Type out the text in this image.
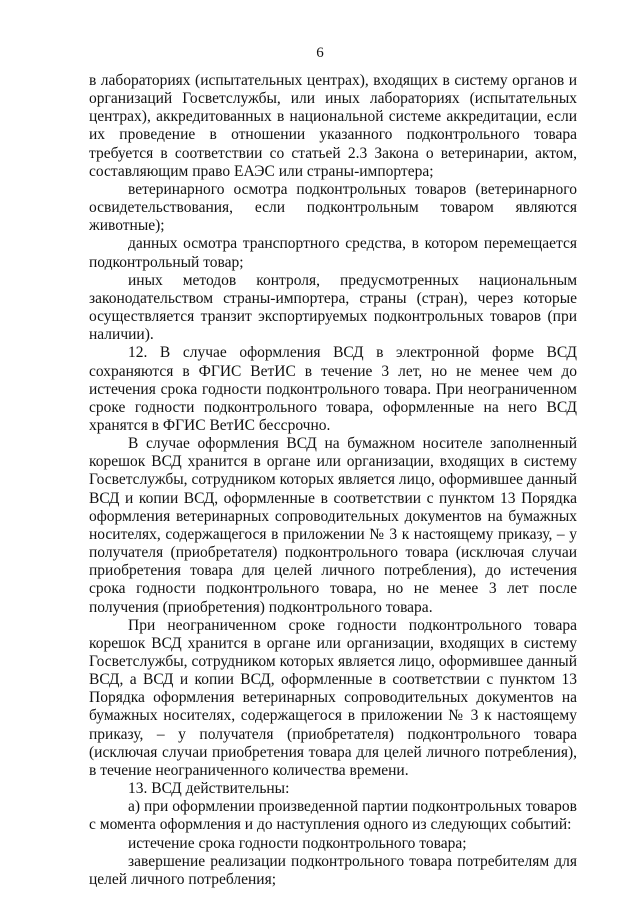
6

в лабораториях (испытательных центрах), входящих в систему органов и организаций Госветслужбы, или иных лабораториях (испытательных центрах), аккредитованных в национальной системе аккредитации, если их проведение в отношении указанного подконтрольного товара требуется в соответствии со статьей 2.3 Закона о ветеринарии, актом, составляющим право ЕАЭС или страны-импортера;

ветеринарного осмотра подконтрольных товаров (ветеринарного освидетельствования, если подконтрольным товаром являются животные);

данных осмотра транспортного средства, в котором перемещается подконтрольный товар;

иных методов контроля, предусмотренных национальным законодательством страны-импортера, страны (стран), через которые осуществляется транзит экспортируемых подконтрольных товаров (при наличии).

12. В случае оформления ВСД в электронной форме ВСД сохраняются в ФГИС ВетИС в течение 3 лет, но не менее чем до истечения срока годности подконтрольного товара. При неограниченном сроке годности подконтрольного товара, оформленные на него ВСД хранятся в ФГИС ВетИС бессрочно.

В случае оформления ВСД на бумажном носителе заполненный корешок ВСД хранится в органе или организации, входящих в систему Госветслужбы, сотрудником которых является лицо, оформившее данный ВСД и копии ВСД, оформленные в соответствии с пунктом 13 Порядка оформления ветеринарных сопроводительных документов на бумажных носителях, содержащегося в приложении № 3 к настоящему приказу, – у получателя (приобретателя) подконтрольного товара (исключая случаи приобретения товара для целей личного потребления), до истечения срока годности подконтрольного товара, но не менее 3 лет после получения (приобретения) подконтрольного товара.

При неограниченном сроке годности подконтрольного товара корешок ВСД хранится в органе или организации, входящих в систему Госветслужбы, сотрудником которых является лицо, оформившее данный ВСД, а ВСД и копии ВСД, оформленные в соответствии с пунктом 13 Порядка оформления ветеринарных сопроводительных документов на бумажных носителях, содержащегося в приложении № 3 к настоящему приказу, – у получателя (приобретателя) подконтрольного товара (исключая случаи приобретения товара для целей личного потребления), в течение неограниченного количества времени.

13. ВСД действительны:

а) при оформлении произведенной партии подконтрольных товаров с момента оформления и до наступления одного из следующих событий:

истечение срока годности подконтрольного товара;

завершение реализации подконтрольного товара потребителям для целей личного потребления;
